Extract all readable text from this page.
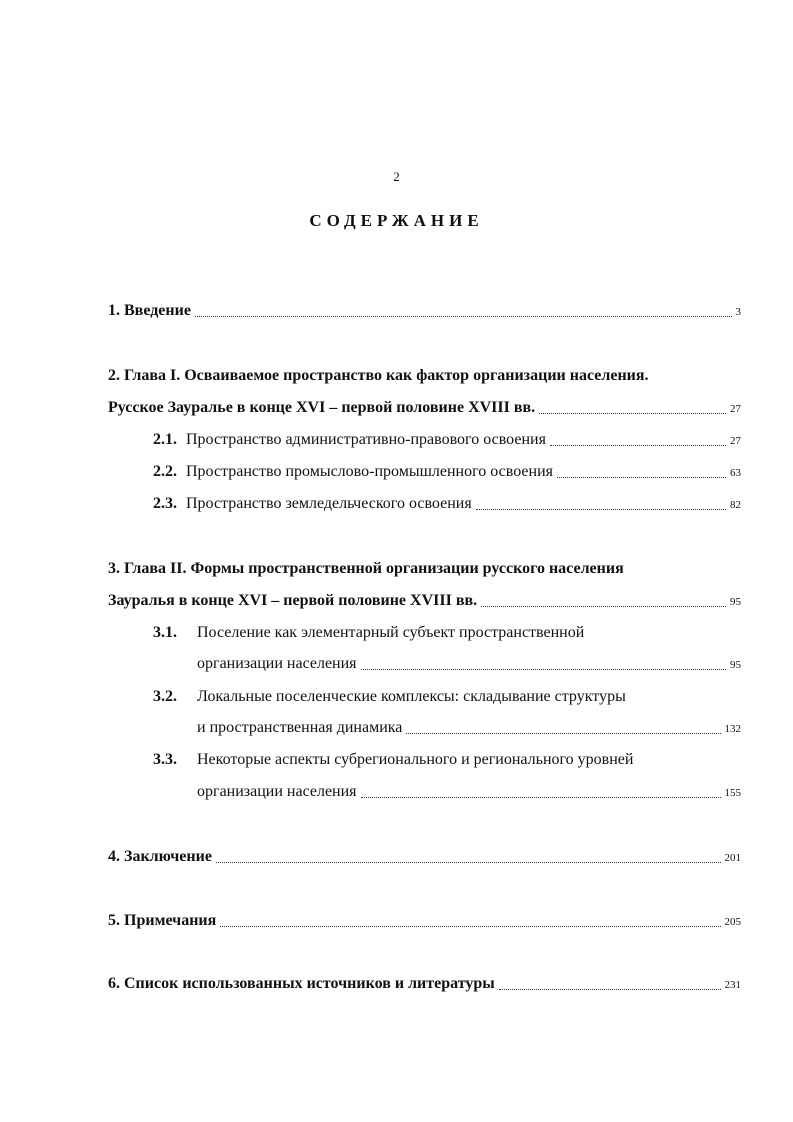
2
СОДЕРЖАНИЕ
1. Введение	3
2. Глава I. Осваиваемое пространство как фактор организации населения.
Русское Зауралье в конце XVI – первой половине XVIII вв.	27
2.1. Пространство административно-правового освоения	27
2.2. Пространство промыслово-промышленного освоения	63
2.3. Пространство земледельческого освоения	82
3. Глава II. Формы пространственной организации русского населения
Зауралья в конце XVI – первой половине XVIII вв.	95
3.1. Поселение как элементарный субъект пространственной
организации населения	95
3.2. Локальные поселенческие комплексы: складывание структуры
и пространственная динамика	132
3.3. Некоторые аспекты субрегионального и регионального уровней
организации населения	155
4. Заключение	201
5. Примечания	205
6. Список использованных источников и литературы	231
